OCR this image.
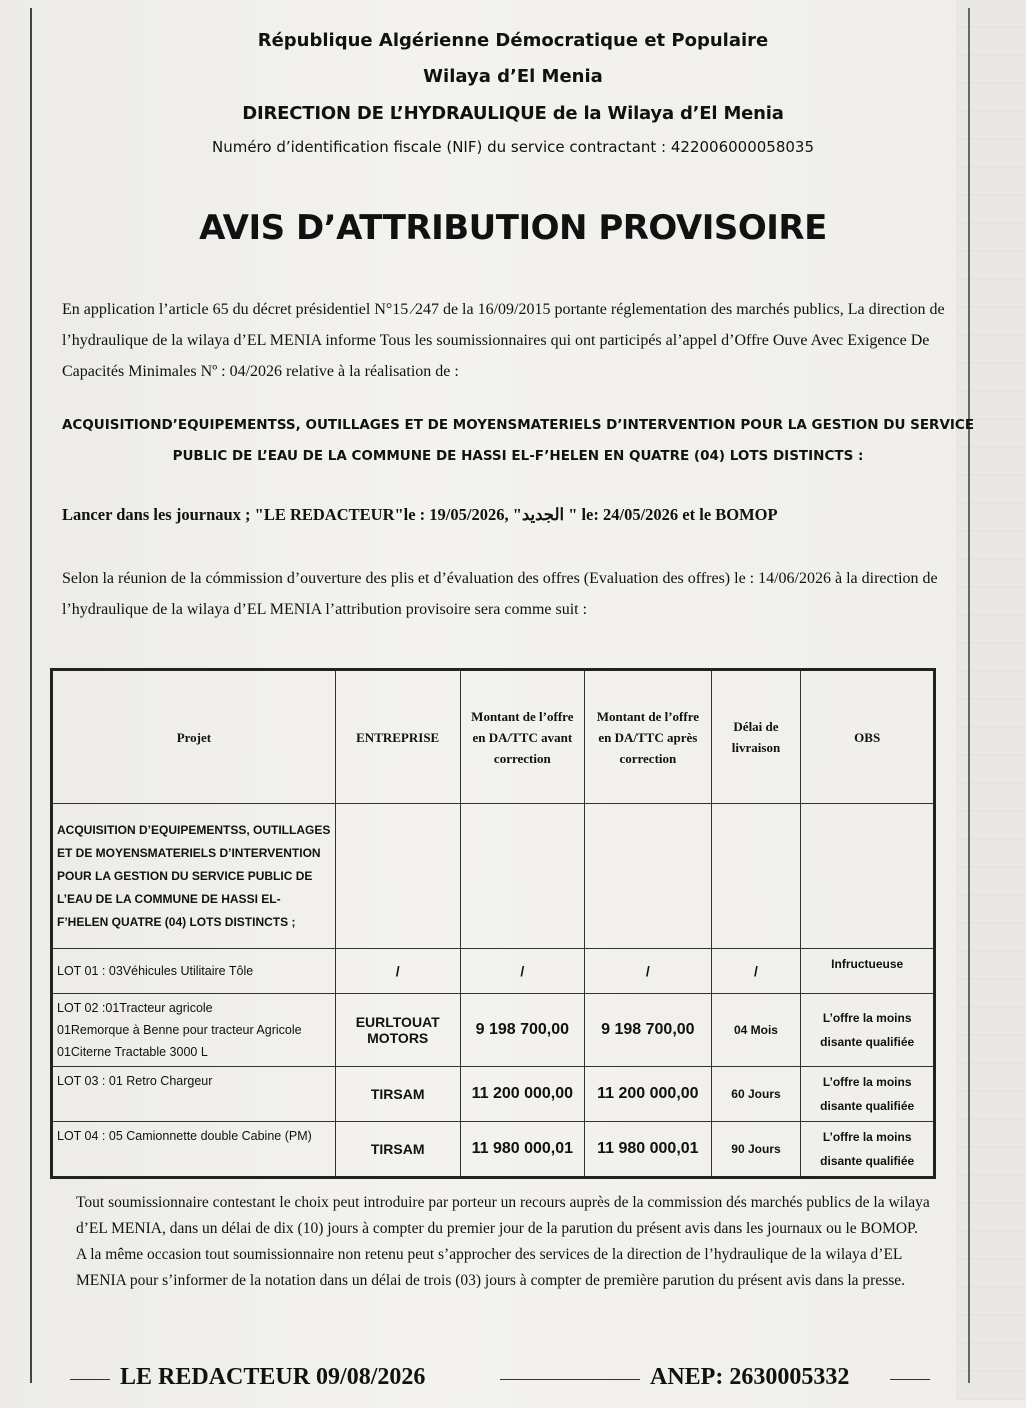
République Algérienne Démocratique et Populaire
Wilaya d’El Menia
DIRECTION DE L’HYDRAULIQUE de la Wilaya d’El Menia
Numéro d’identification fiscale (NIF) du service contractant : 422006000058035
AVIS D’ATTRIBUTION PROVISOIRE
En application l’article 65 du décret présidentiel N°15 ⁄247 de la 16/09/2015 portante réglementation des marchés publics, La direction de l’hydraulique de la wilaya d’EL MENIA informe Tous les soumissionnaires qui ont participés al’appel d’Offre Ouve Avec Exigence De Capacités Minimales Nº : 04/2026 relative à la réalisation de :
ACQUISITIOND’EQUIPEMENTSS, OUTILLAGES ET DE MOYENSMATERIELS D’INTERVENTION POUR LA GESTION DU SERVICE
PUBLIC DE L’EAU DE LA COMMUNE DE HASSI EL-F’HELEN EN QUATRE (04) LOTS DISTINCTS :
Lancer dans les journaux ; "LE REDACTEUR"le : 19/05/2026, "الجديد " le: 24/05/2026 et le BOMOP
Selon la réunion de la cómmission d’ouverture des plis et d’évaluation des offres (Evaluation des offres) le : 14/06/2026 à la direction de l’hydraulique de la wilaya d’EL MENIA l’attribution provisoire sera comme suit :
Projet	ENTREPRISE	Montant de l’offre en DA/TTC avant correction	Montant de l’offre en DA/TTC après correction	Délai de livraison	OBS
ACQUISITION D’EQUIPEMENTSS, OUTILLAGES ET DE MOYENSMATERIELS D’INTERVENTION POUR LA GESTION DU SERVICE PUBLIC DE L’EAU DE LA COMMUNE DE HASSI EL-F’HELEN QUATRE (04) LOTS DISTINCTS ;					
LOT 01 : 03Véhicules Utilitaire Tôle	/	/	/	/	Infructueuse
LOT 02 :01Tracteur agricole
01Remorque à Benne pour tracteur Agricole
01Citerne Tractable 3000 L	EURLTOUAT MOTORS	9 198 700,00	9 198 700,00	04 Mois	L’offre la moins disante qualifiée
LOT 03 : 01 Retro Chargeur	TIRSAM	11 200 000,00	11 200 000,00	60 Jours	L’offre la moins disante qualifiée
LOT 04 : 05 Camionnette double Cabine (PM)	TIRSAM	11 980 000,01	11 980 000,01	90 Jours	L’offre la moins disante qualifiée
Tout soumissionnaire contestant le choix peut introduire par porteur un recours auprès de la commission dés marchés publics de la wilaya d’EL MENIA, dans un délai de dix (10) jours à compter du premier jour de la parution du présent avis dans les journaux ou le BOMOP.
A la même occasion tout soumissionnaire non retenu peut s’approcher des services de la direction de l’hydraulique de la wilaya d’EL MENIA pour s’informer de la notation dans un délai de trois (03) jours à compter de première parution du présent avis dans la presse.
LE REDACTEUR 09/08/2026	ANEP: 2630005332
